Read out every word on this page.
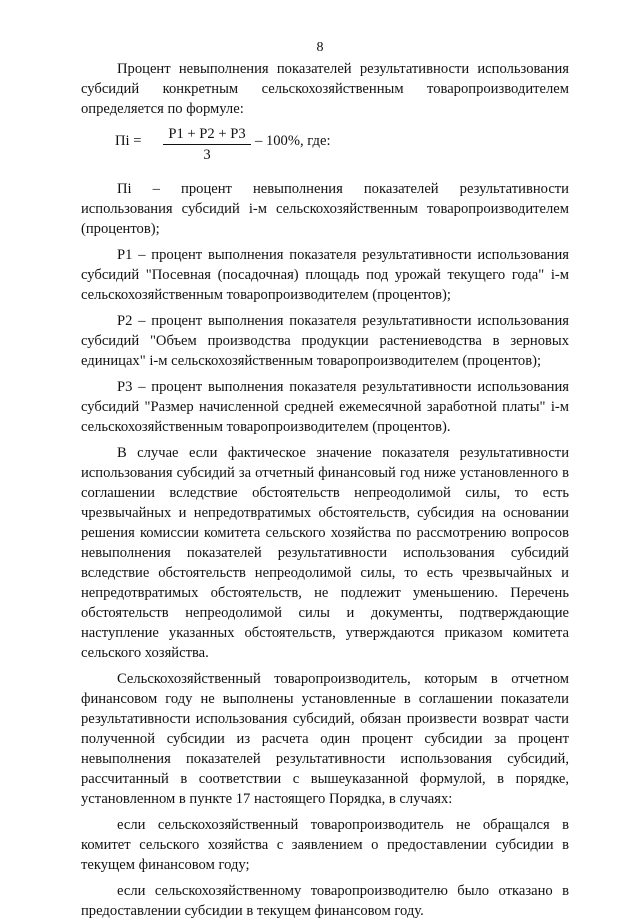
8

Процент невыполнения показателей результативности использования субсидий конкретным сельскохозяйственным товаропроизводителем определяется по формуле:

Пi =	P1 + P2 + P3
3
– 100%, где:

Пi – процент невыполнения показателей результативности использования субсидий i-м сельскохозяйственным товаропроизводителем (процентов);

P1 – процент выполнения показателя результативности использования субсидий "Посевная (посадочная) площадь под урожай текущего года" i-м сельскохозяйственным товаропроизводителем (процентов);

P2 – процент выполнения показателя результативности использования субсидий "Объем производства продукции растениеводства в зерновых единицах" i-м сельскохозяйственным товаропроизводителем (процентов);

P3 – процент выполнения показателя результативности использования субсидий "Размер начисленной средней ежемесячной заработной платы" i-м сельскохозяйственным товаропроизводителем (процентов).

В случае если фактическое значение показателя результативности использования субсидий за отчетный финансовый год ниже установленного в соглашении вследствие обстоятельств непреодолимой силы, то есть чрезвычайных и непредотвратимых обстоятельств, субсидия на основании решения комиссии комитета сельского хозяйства по рассмотрению вопросов невыполнения показателей результативности использования субсидий вследствие обстоятельств непреодолимой силы, то есть чрезвычайных и непредотвратимых обстоятельств, не подлежит уменьшению. Перечень обстоятельств непреодолимой силы и документы, подтверждающие наступление указанных обстоятельств, утверждаются приказом комитета сельского хозяйства.

Сельскохозяйственный товаропроизводитель, которым в отчетном финансовом году не выполнены установленные в соглашении показатели результативности использования субсидий, обязан произвести возврат части полученной субсидии из расчета один процент субсидии за процент невыполнения показателей результативности использования субсидий, рассчитанный в соответствии с вышеуказанной формулой, в порядке, установленном в пункте 17 настоящего Порядка, в случаях:

если сельскохозяйственный товаропроизводитель не обращался в комитет сельского хозяйства с заявлением о предоставлении субсидии в текущем финансовом году;

если сельскохозяйственному товаропроизводителю было отказано в предоставлении субсидии в текущем финансовом году.
